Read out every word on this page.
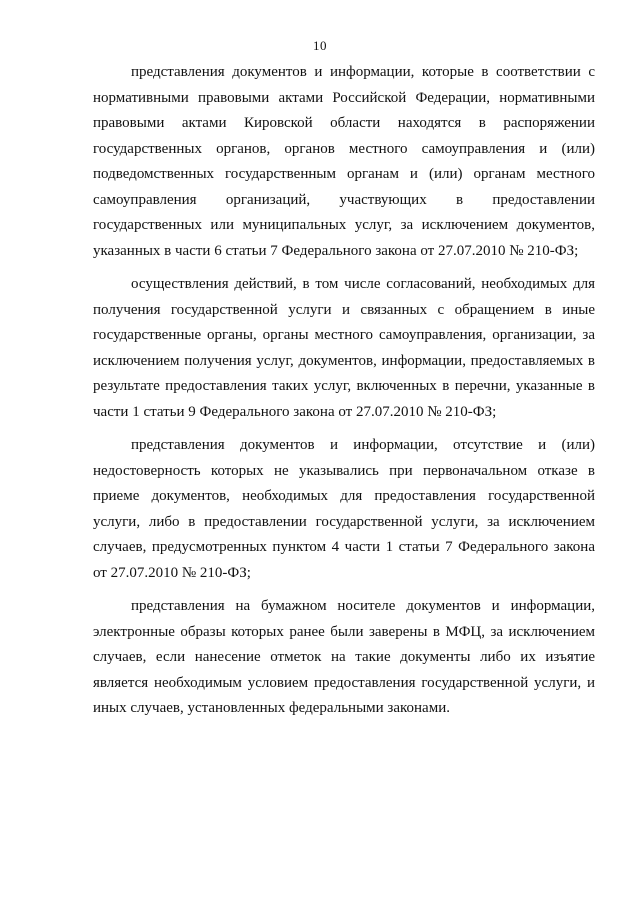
10

представления документов и информации, которые в соответствии с нормативными правовыми актами Российской Федерации, нормативными правовыми актами Кировской области находятся в распоряжении государственных органов, органов местного самоуправления и (или) подведомственных государственным органам и (или) органам местного самоуправления организаций, участвующих в предоставлении государственных или муниципальных услуг, за исключением документов, указанных в части 6 статьи 7 Федерального закона от 27.07.2010 № 210-ФЗ;

осуществления действий, в том числе согласований, необходимых для получения государственной услуги и связанных с обращением в иные государственные органы, органы местного самоуправления, организации, за исключением получения услуг, документов, информации, предоставляемых в результате предоставления таких услуг, включенных в перечни, указанные в части 1 статьи 9 Федерального закона от 27.07.2010 № 210-ФЗ;

представления документов и информации, отсутствие и (или) недостоверность которых не указывались при первоначальном отказе в приеме документов, необходимых для предоставления государственной услуги, либо в предоставлении государственной услуги, за исключением случаев, предусмотренных пунктом 4 части 1 статьи 7 Федерального закона от 27.07.2010 № 210-ФЗ;

представления на бумажном носителе документов и информации, электронные образы которых ранее были заверены в МФЦ, за исключением случаев, если нанесение отметок на такие документы либо их изъятие является необходимым условием предоставления государственной услуги, и иных случаев, установленных федеральными законами.
